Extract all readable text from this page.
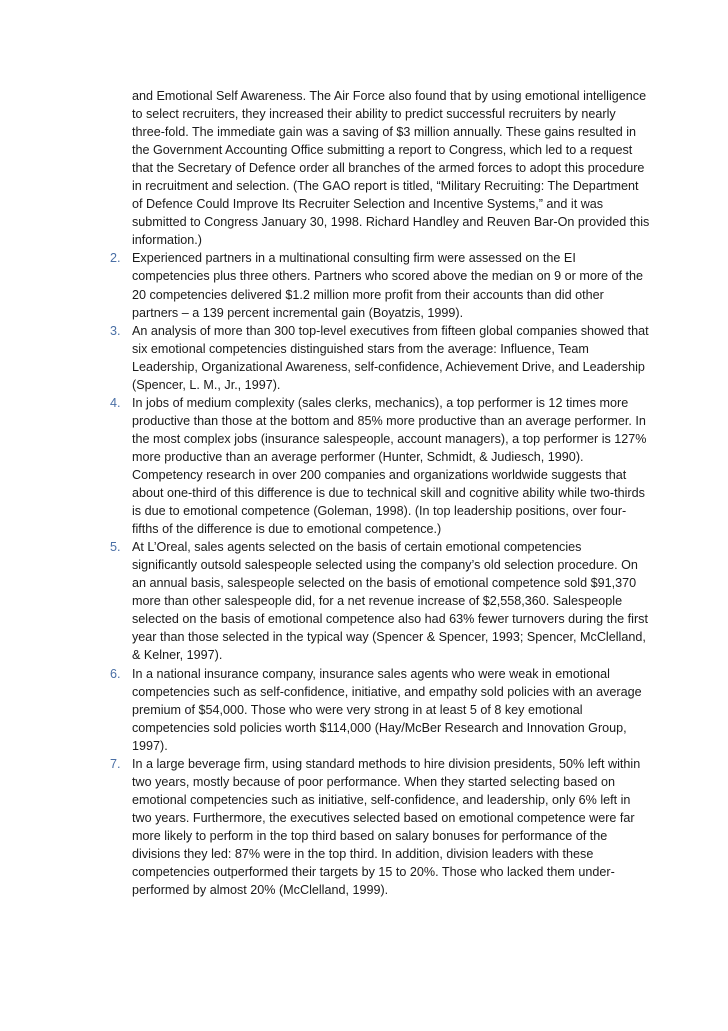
and Emotional Self Awareness. The Air Force also found that by using emotional intelligence to select recruiters, they increased their ability to predict successful recruiters by nearly three-fold. The immediate gain was a saving of $3 million annually. These gains resulted in the Government Accounting Office submitting a report to Congress, which led to a request that the Secretary of Defence order all branches of the armed forces to adopt this procedure in recruitment and selection. (The GAO report is titled, “Military Recruiting: The Department of Defence Could Improve Its Recruiter Selection and Incentive Systems,” and it was submitted to Congress January 30, 1998. Richard Handley and Reuven Bar-On provided this information.)
2. Experienced partners in a multinational consulting firm were assessed on the EI competencies plus three others. Partners who scored above the median on 9 or more of the 20 competencies delivered $1.2 million more profit from their accounts than did other partners – a 139 percent incremental gain (Boyatzis, 1999).
3. An analysis of more than 300 top-level executives from fifteen global companies showed that six emotional competencies distinguished stars from the average: Influence, Team Leadership, Organizational Awareness, self-confidence, Achievement Drive, and Leadership (Spencer, L. M., Jr., 1997).
4. In jobs of medium complexity (sales clerks, mechanics), a top performer is 12 times more productive than those at the bottom and 85% more productive than an average performer. In the most complex jobs (insurance salespeople, account managers), a top performer is 127% more productive than an average performer (Hunter, Schmidt, & Judiesch, 1990). Competency research in over 200 companies and organizations worldwide suggests that about one-third of this difference is due to technical skill and cognitive ability while two-thirds is due to emotional competence (Goleman, 1998). (In top leadership positions, over four-fifths of the difference is due to emotional competence.)
5. At L’Oreal, sales agents selected on the basis of certain emotional competencies significantly outsold salespeople selected using the company’s old selection procedure. On an annual basis, salespeople selected on the basis of emotional competence sold $91,370 more than other salespeople did, for a net revenue increase of $2,558,360. Salespeople selected on the basis of emotional competence also had 63% fewer turnovers during the first year than those selected in the typical way (Spencer & Spencer, 1993; Spencer, McClelland, & Kelner, 1997).
6. In a national insurance company, insurance sales agents who were weak in emotional competencies such as self-confidence, initiative, and empathy sold policies with an average premium of $54,000. Those who were very strong in at least 5 of 8 key emotional competencies sold policies worth $114,000 (Hay/McBer Research and Innovation Group, 1997).
7. In a large beverage firm, using standard methods to hire division presidents, 50% left within two years, mostly because of poor performance. When they started selecting based on emotional competencies such as initiative, self-confidence, and leadership, only 6% left in two years. Furthermore, the executives selected based on emotional competence were far more likely to perform in the top third based on salary bonuses for performance of the divisions they led: 87% were in the top third. In addition, division leaders with these competencies outperformed their targets by 15 to 20%. Those who lacked them under-performed by almost 20% (McClelland, 1999).
